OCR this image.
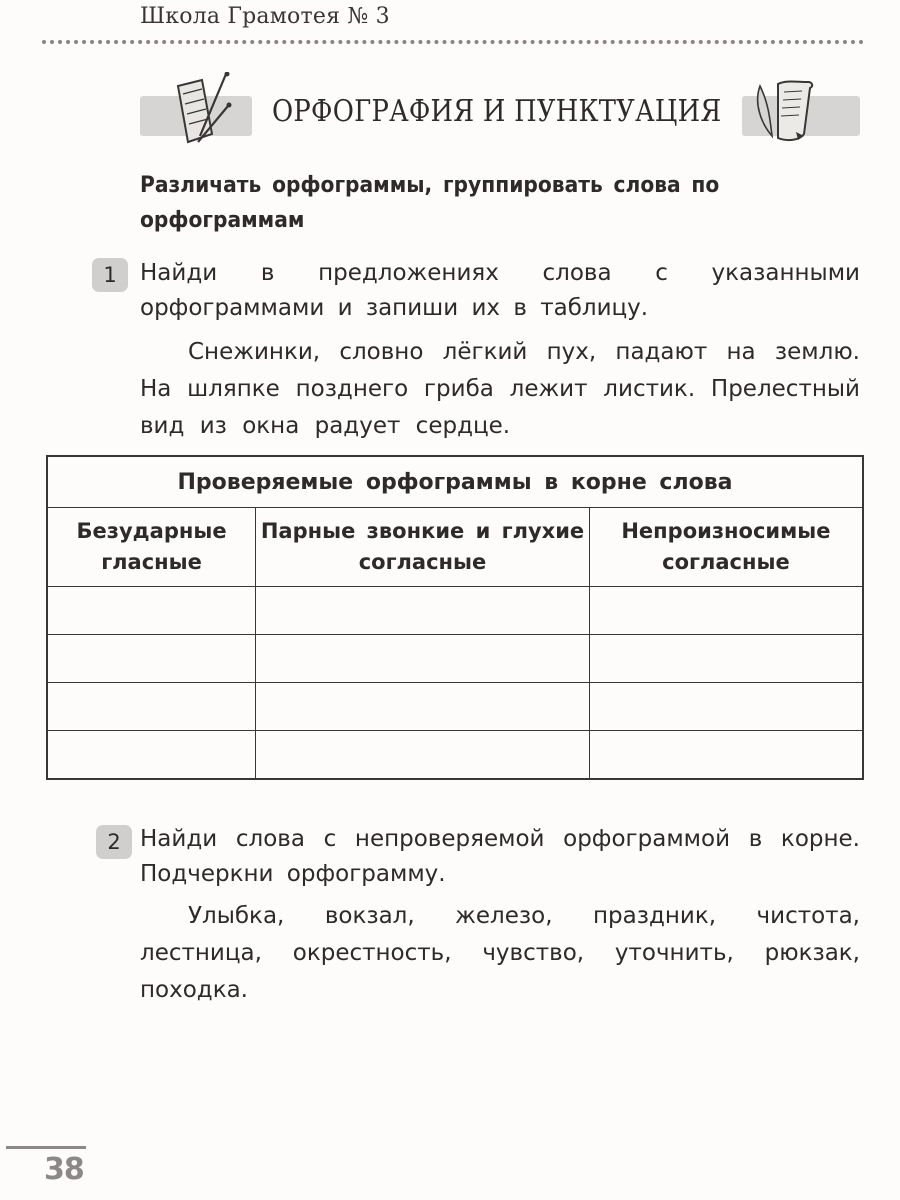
Школа Грамотея № 3
ОРФОГРАФИЯ И ПУНКТУАЦИЯ
Различать орфограммы, группировать слова по орфограммам
1	Найди в предложениях слова с указанными орфограммами и запиши их в таблицу.
Снежинки, словно лёгкий пух, падают на землю. На шляпке позднего гриба лежит листик. Прелестный вид из окна радует сердце.
Проверяемые орфограммы в корне слова		
Безударные гласные	Парные звонкие и глухие согласные	Непроизносимые согласные

2 Найди слова с непроверяемой орфограммой в корне. Подчеркни орфограмму.
Улыбка, вокзал, железо, праздник, чистота, лестница, окрестность, чувство, уточнить, рюкзак, походка.
38
